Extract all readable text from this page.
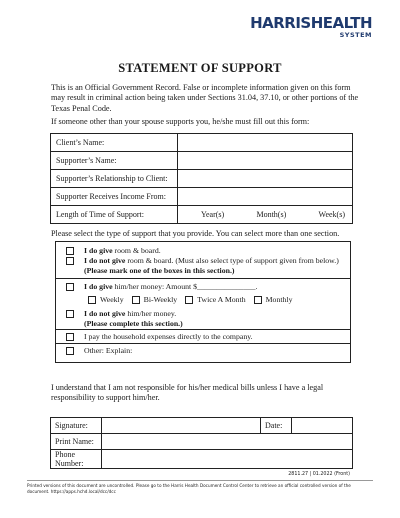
HARRISHEALTH
SYSTEM
STATEMENT OF SUPPORT
This is an Official Government Record. False or incomplete information given on this form may result in criminal action being taken under Sections 31.04, 37.10, or other portions of the Texas Penal Code.
If someone other than your spouse supports you, he/she must fill out this form:
Client’s Name:	
Supporter’s Name:	
Supporter’s Relationship to Client:	
Supporter Receives Income From:	
Length of Time of Support:	Year(s) Month(s) Week(s)
Please select the type of support that you provide. You can select more than one section.
I do give room & board.
I do not give room & board. (Must also select type of support given from below.)
(Please mark one of the boxes in this section.)
I do give him/her money: Amount $_______________.
Weekly	Bi-Weekly	Twice A Month	Monthly
I do not give him/her money.
(Please complete this section.)
I pay the household expenses directly to the company.
Other: Explain:
I understand that I am not responsible for his/her medical bills unless I have a legal responsibility to support him/her.
Signature:		Date:	
Print Name:			
Phone Number:			
2811.27 | 01.2022 (Front)
Printed versions of this document are uncontrolled. Please go to the Harris Health Document Control Center to retrieve an official controlled version of the document. https://apps.hchd.local/dcc/dcc
